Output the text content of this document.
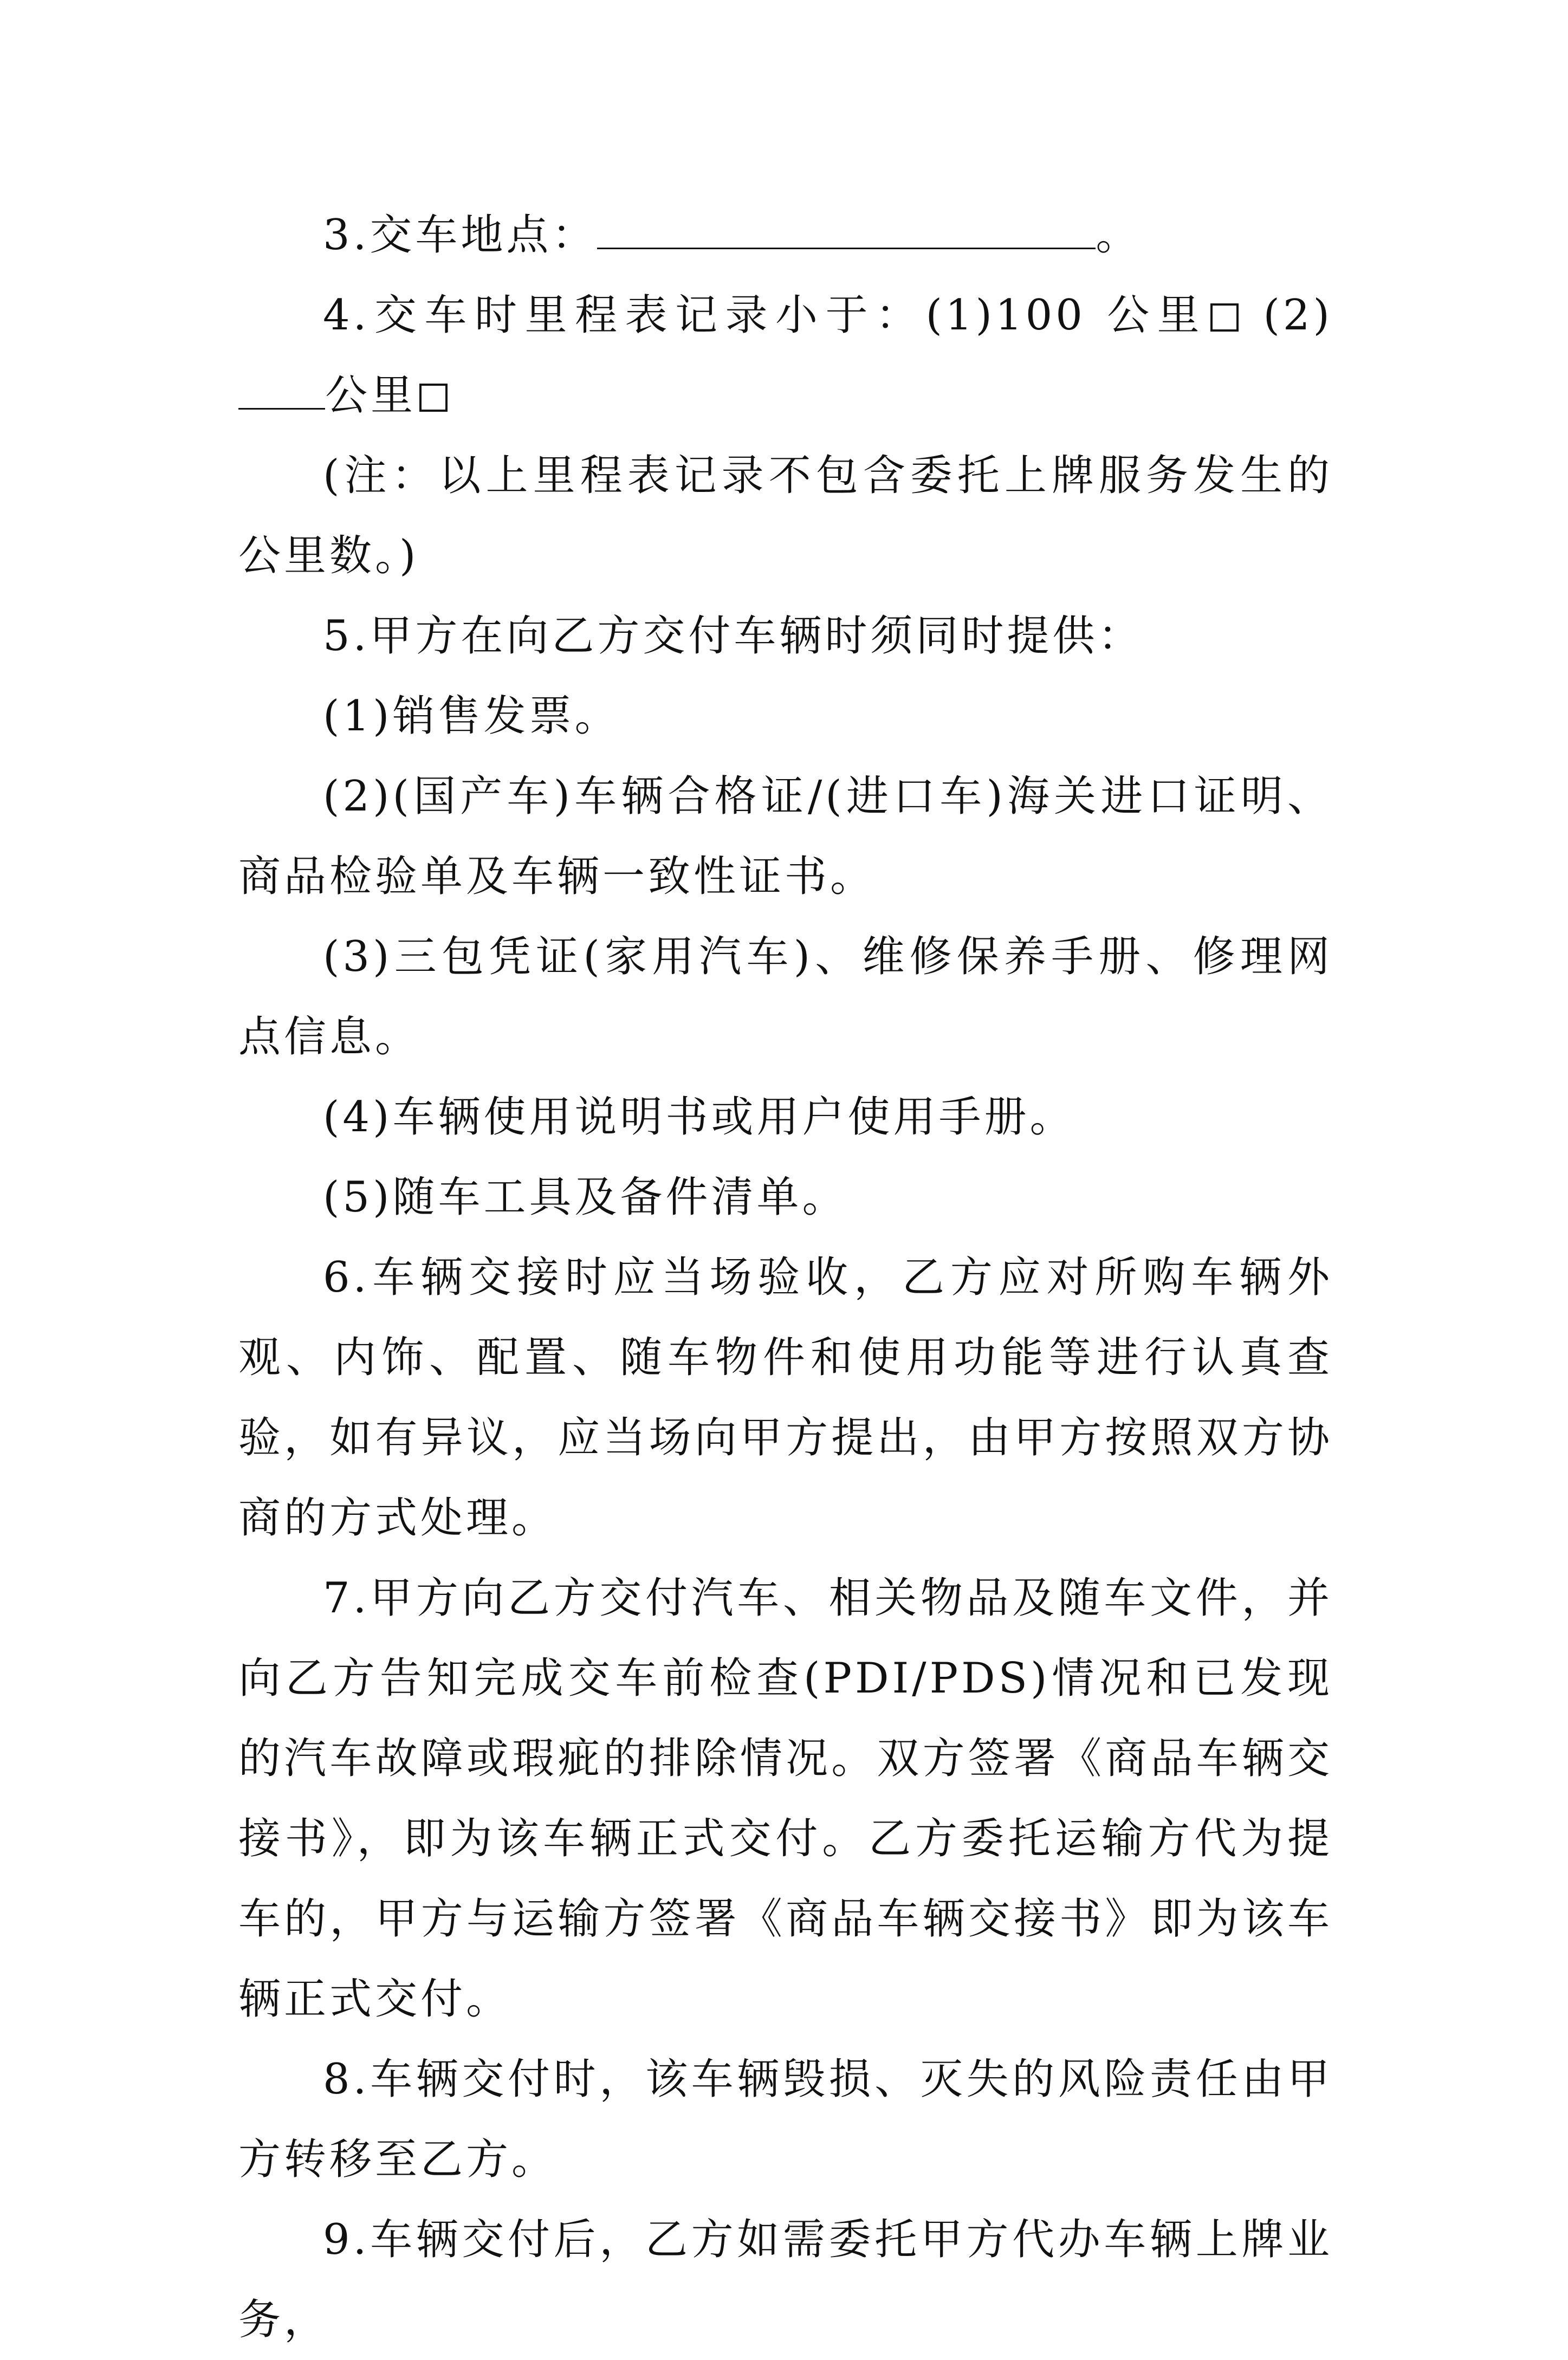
3.交车地点：	。

4.交车时里程表记录小于：(1)100 公里 (2)公里

(注：以上里程表记录不包含委托上牌服务发生的公里数。)

5.甲方在向乙方交付车辆时须同时提供：

(1)销售发票。

(2)(国产车)车辆合格证/(进口车)海关进口证明、商品检验单及车辆一致性证书。

(3)三包凭证(家用汽车)、维修保养手册、修理网点信息。

(4)车辆使用说明书或用户使用手册。

(5)随车工具及备件清单。

6.车辆交接时应当场验收，乙方应对所购车辆外观、内饰、配置、随车物件和使用功能等进行认真查验，如有异议，应当场向甲方提出，由甲方按照双方协商的方式处理。

7.甲方向乙方交付汽车、相关物品及随车文件，并向乙方告知完成交车前检查(PDI/PDS)情况和已发现的汽车故障或瑕疵的排除情况。双方签署《商品车辆交接书》，即为该车辆正式交付。乙方委托运输方代为提车的，甲方与运输方签署《商品车辆交接书》即为该车辆正式交付。

8.车辆交付时，该车辆毁损、灭失的风险责任由甲方转移至乙方。

9.车辆交付后，乙方如需委托甲方代办车辆上牌业务，
